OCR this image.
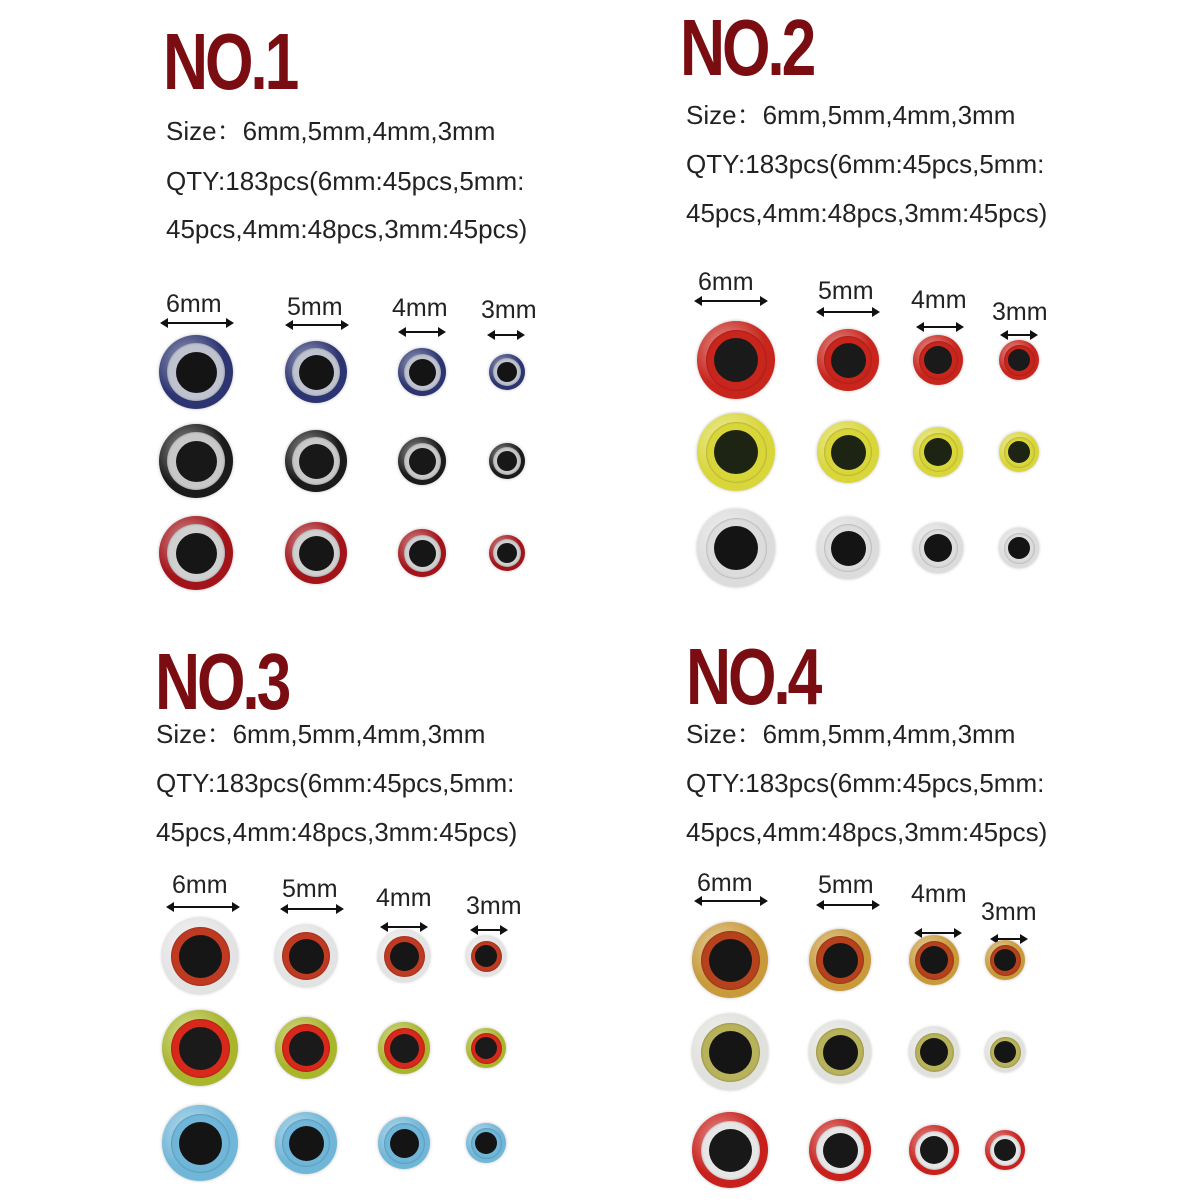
NO.1
Size：6mm,5mm,4mm,3mm
QTY:183pcs(6mm:45pcs,5mm:
45pcs,4mm:48pcs,3mm:45pcs)
6mm	5mm 4mm 3mm
NO.2
Size：6mm,5mm,4mm,3mm
QTY:183pcs(6mm:45pcs,5mm:
45pcs,4mm:48pcs,3mm:45pcs)
6mm	5mm 4mm 3mm
NO.3
Size：6mm,5mm,4mm,3mm
QTY:183pcs(6mm:45pcs,5mm:
45pcs,4mm:48pcs,3mm:45pcs)
6mm 5mm 4mm 3mm
NO.4
Size：6mm,5mm,4mm,3mm
QTY:183pcs(6mm:45pcs,5mm:
45pcs,4mm:48pcs,3mm:45pcs)
6mm	5mm 4mm
3mm
